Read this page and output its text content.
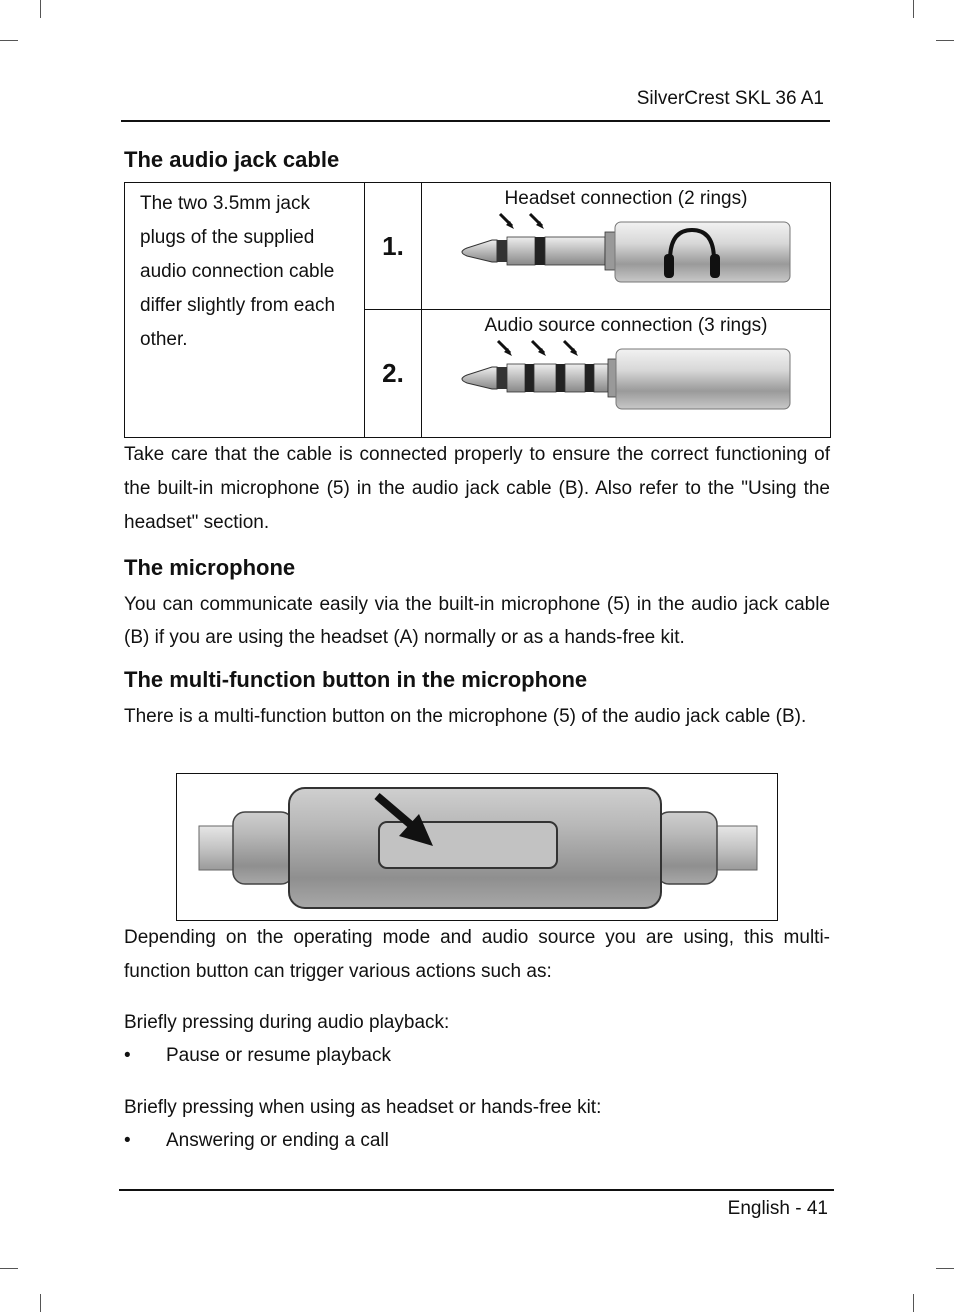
SilverCrest SKL 36 A1
The audio jack cable
The two 3.5mm jack plugs of the supplied audio connection cable differ slightly from each other.	1.	Headset connection (2 rings)

	2.	Audio source connection (3 rings)

Take care that the cable is connected properly to ensure the correct functioning of the built-in microphone (5) in the audio jack cable (B). Also refer to the "Using the headset" section.

The microphone

You can communicate easily via the built-in microphone (5) in the audio jack cable (B) if you are using the headset (A) normally or as a hands-free kit.

The multi-function button in the microphone

There is a multi-function button on the microphone (5) of the audio jack cable (B).

Depending on the operating mode and audio source you are using, this multi-function button can trigger various actions such as:

Briefly pressing during audio playback:

• Pause or resume playback

Briefly pressing when using as headset or hands-free kit:

• Answering or ending a call
English - 41
